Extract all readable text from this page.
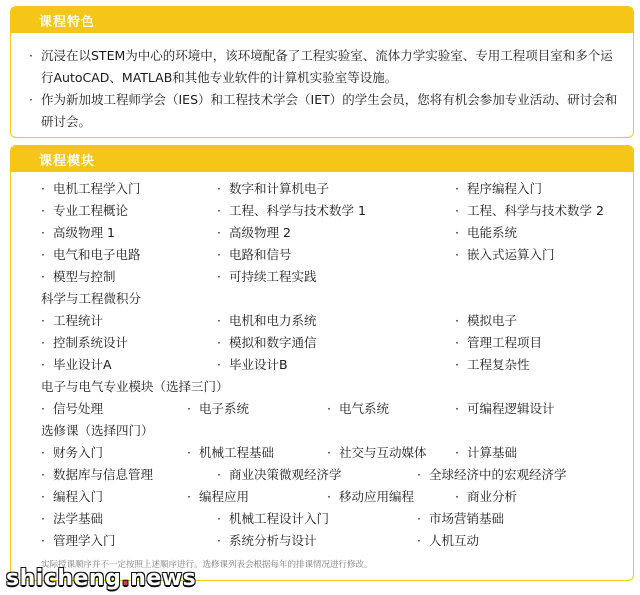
课程特色

· 沉浸在以STEM为中心的环境中，该环境配备了工程实验室、流体力学实验室、专用工程项目室和多个运行AutoCAD、MATLAB和其他专业软件的计算机实验室等设施。

· 作为新加坡工程师学会（IES）和工程技术学会（IET）的学生会员，您将有机会参加专业活动、研讨会和研讨会。

课程模块
· 电机工程学入门	· 数字和计算机电子	· 程序编程入门
· 专业工程概论	· 工程、科学与技术数学 1	· 工程、科学与技术数学 2
· 高级物理 1	· 高级物理 2	· 电能系统
· 电气和电子电路	· 电路和信号	· 嵌入式运算入门
· 模型与控制	· 可持续工程实践
科学与工程微积分
· 工程统计	· 电机和电力系统	· 模拟电子
· 控制系统设计	· 模拟和数字通信	· 管理工程项目
· 毕业设计A	· 毕业设计B	· 工程复杂性
电子与电气专业模块（选择三门）
· 信号处理	· 电子系统	· 电气系统	· 可编程逻辑设计
选修课（选择四门）
· 财务入门	· 机械工程基础	· 社交与互动媒体	· 计算基础
· 数据库与信息管理	· 商业决策微观经济学	· 全球经济中的宏观经济学
· 编程入门	· 编程应用	· 移动应用编程	· 商业分析
· 法学基础	· 机械工程设计入门	· 市场营销基础
· 管理学入门	· 系统分析与设计	· 人机互动
实际授课顺序并不一定按照上述顺序进行。选修课列表会根据每年的排课情况进行修改。
shicheng.news
